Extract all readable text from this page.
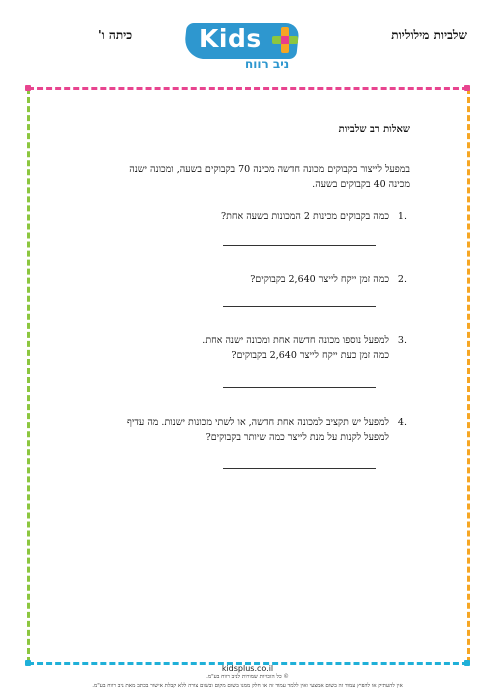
שלביות מילוליות
כיתה ו'	Kids
ניב רווח
שאלות רב שלביות
במפעל לייצור בקבוקים מכונה חדשה מכינה 70 בקבוקים בשעה, ומכונה ישנה מכינה 40 בקבוקים בשעה.
.1כמה בקבוקים מכינות 2 המכונות בשעה אחת?
.2כמה זמן ייקח לייצר 2,640 בקבוקים?
.3למפעל נוספו מכונה חדשה אחת ומכונה ישנה אחת.
כמה זמן כעת ייקח לייצר 2,640 בקבוקים?
.4למפעל יש תקציב למכונה אחת חדשה, או לשתי מכונות ישנות. מה עדיף
למפעל לקנות על מנת לייצר כמה שיותר בקבוקים?
kidsplus.co.il
© כל הזכויות שמורות לניב רווח בע"מ.
אין להעתיק או להפיץ עמוד זה בשום אמצעי ואין ללמד עמוד זה או חלק ממנו בשום מקום ובשום צורה ללא קבלת אישור בכתב מאת ניב רווח בע"מ.
